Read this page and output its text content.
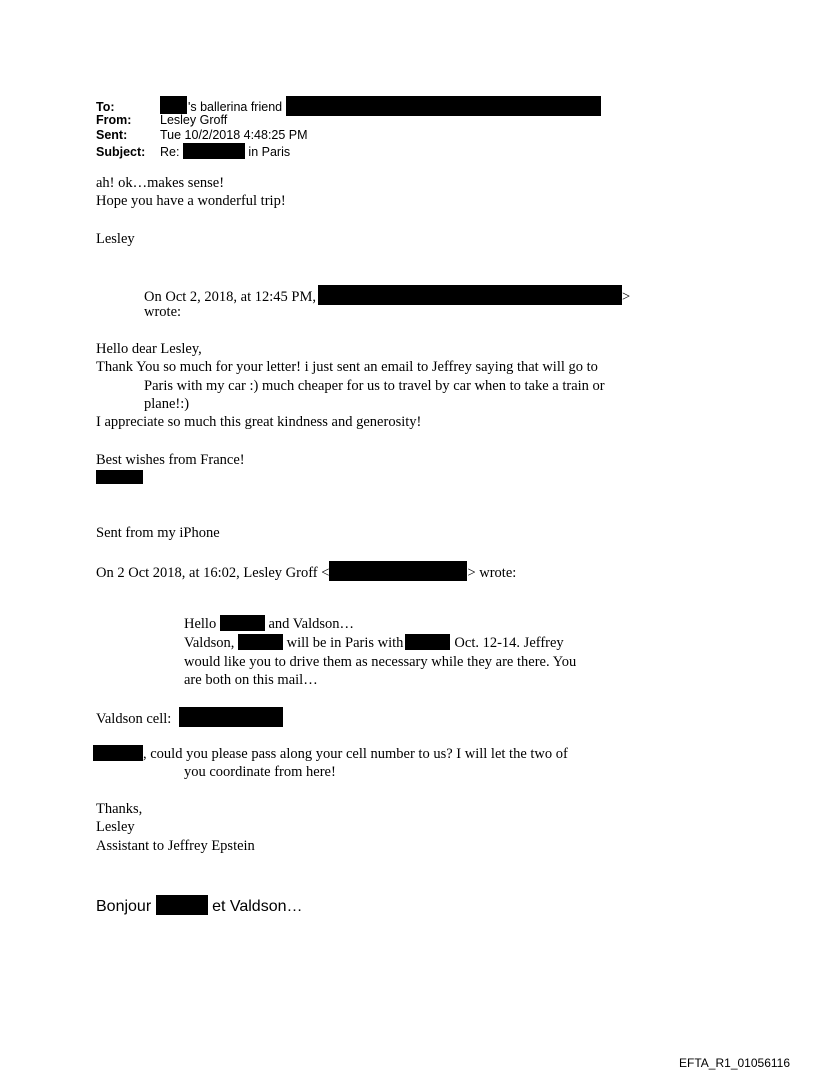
To:	's ballerina friend
From: Lesley Groff
Sent:	Tue 10/2/2018 4:48:25 PM
Subject: Re:	in Paris
ah! ok…makes sense!
Hope you have a wonderful trip!
Lesley
On Oct 2, 2018, at 12:45 PM,	>
wrote:
Hello dear Lesley,
Thank You so much for your letter! i just sent an email to Jeffrey saying that will go to
Paris with my car :) much cheaper for us to travel by car when to take a train or
plane!:)
I appreciate so much this great kindness and generosity!
Best wishes from France!
Sent from my iPhone
On 2 Oct 2018, at 16:02, Lesley Groff <	> wrote:
Hello	and Valdson…
Valdson,	will be in Paris with	Oct. 12-14. Jeffrey
would like you to drive them as necessary while they are there. You
are both on this mail…
Valdson cell:
, could you please pass along your cell number to us? I will let the two of
you coordinate from here!
Thanks,
Lesley
Assistant to Jeffrey Epstein
Bonjour	et Valdson…
EFTA_R1_01056116
